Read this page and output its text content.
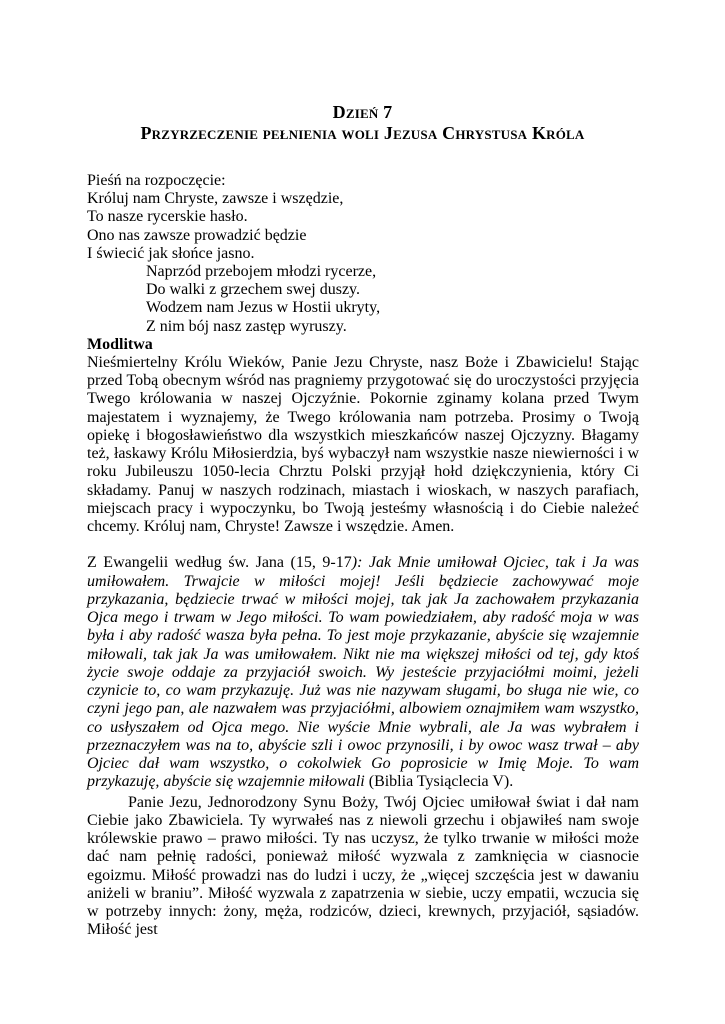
Dzień 7
Przyrzeczenie pełnienia woli Jezusa Chrystusa Króla
Pieśń na rozpoczęcie:
Króluj nam Chryste, zawsze i wszędzie,
To nasze rycerskie hasło.
Ono nas zawsze prowadzić będzie
I świecić jak słońce jasno.
Naprzód przebojem młodzi rycerze,
Do walki z grzechem swej duszy.
Wodzem nam Jezus w Hostii ukryty,
Z nim bój nasz zastęp wyruszy.
Modlitwa

Nieśmiertelny Królu Wieków, Panie Jezu Chryste, nasz Boże i Zbawicielu! Stając przed Tobą obecnym wśród nas pragniemy przygotować się do uroczystości przyjęcia Twego królowania w naszej Ojczyźnie. Pokornie zginamy kolana przed Twym majestatem i wyznajemy, że Twego królowania nam potrzeba. Prosimy o Twoją opiekę i błogosławieństwo dla wszystkich mieszkańców naszej Ojczyzny. Błagamy też, łaskawy Królu Miłosierdzia, byś wybaczył nam wszystkie nasze niewierności i w roku Jubileuszu 1050-lecia Chrztu Polski przyjął hołd dziękczynienia, który Ci składamy. Panuj w naszych rodzinach, miastach i wioskach, w naszych parafiach, miejscach pracy i wypoczynku, bo Twoją jesteśmy własnością i do Ciebie należeć chcemy. Króluj nam, Chryste! Zawsze i wszędzie. Amen.

Z Ewangelii według św. Jana (15, 9-17): Jak Mnie umiłował Ojciec, tak i Ja was umiłowałem. Trwajcie w miłości mojej! Jeśli będziecie zachowywać moje przykazania, będziecie trwać w miłości mojej, tak jak Ja zachowałem przykazania Ojca mego i trwam w Jego miłości. To wam powiedziałem, aby radość moja w was była i aby radość wasza była pełna. To jest moje przykazanie, abyście się wzajemnie miłowali, tak jak Ja was umiłowałem. Nikt nie ma większej miłości od tej, gdy ktoś życie swoje oddaje za przyjaciół swoich. Wy jesteście przyjaciółmi moimi, jeżeli czynicie to, co wam przykazuję. Już was nie nazywam sługami, bo sługa nie wie, co czyni jego pan, ale nazwałem was przyjaciółmi, albowiem oznajmiłem wam wszystko, co usłyszałem od Ojca mego. Nie wyście Mnie wybrali, ale Ja was wybrałem i przeznaczyłem was na to, abyście szli i owoc przynosili, i by owoc wasz trwał – aby Ojciec dał wam wszystko, o cokolwiek Go poprosicie w Imię Moje. To wam przykazuję, abyście się wzajemnie miłowali (Biblia Tysiąclecia V).

Panie Jezu, Jednorodzony Synu Boży, Twój Ojciec umiłował świat i dał nam Ciebie jako Zbawiciela. Ty wyrwałeś nas z niewoli grzechu i objawiłeś nam swoje królewskie prawo – prawo miłości. Ty nas uczysz, że tylko trwanie w miłości może dać nam pełnię radości, ponieważ miłość wyzwala z zamknięcia w ciasnocie egoizmu. Miłość prowadzi nas do ludzi i uczy, że „więcej szczęścia jest w dawaniu aniżeli w braniu”. Miłość wyzwala z zapatrzenia w siebie, uczy empatii, wczucia się w potrzeby innych: żony, męża, rodziców, dzieci, krewnych, przyjaciół, sąsiadów. Miłość jest
